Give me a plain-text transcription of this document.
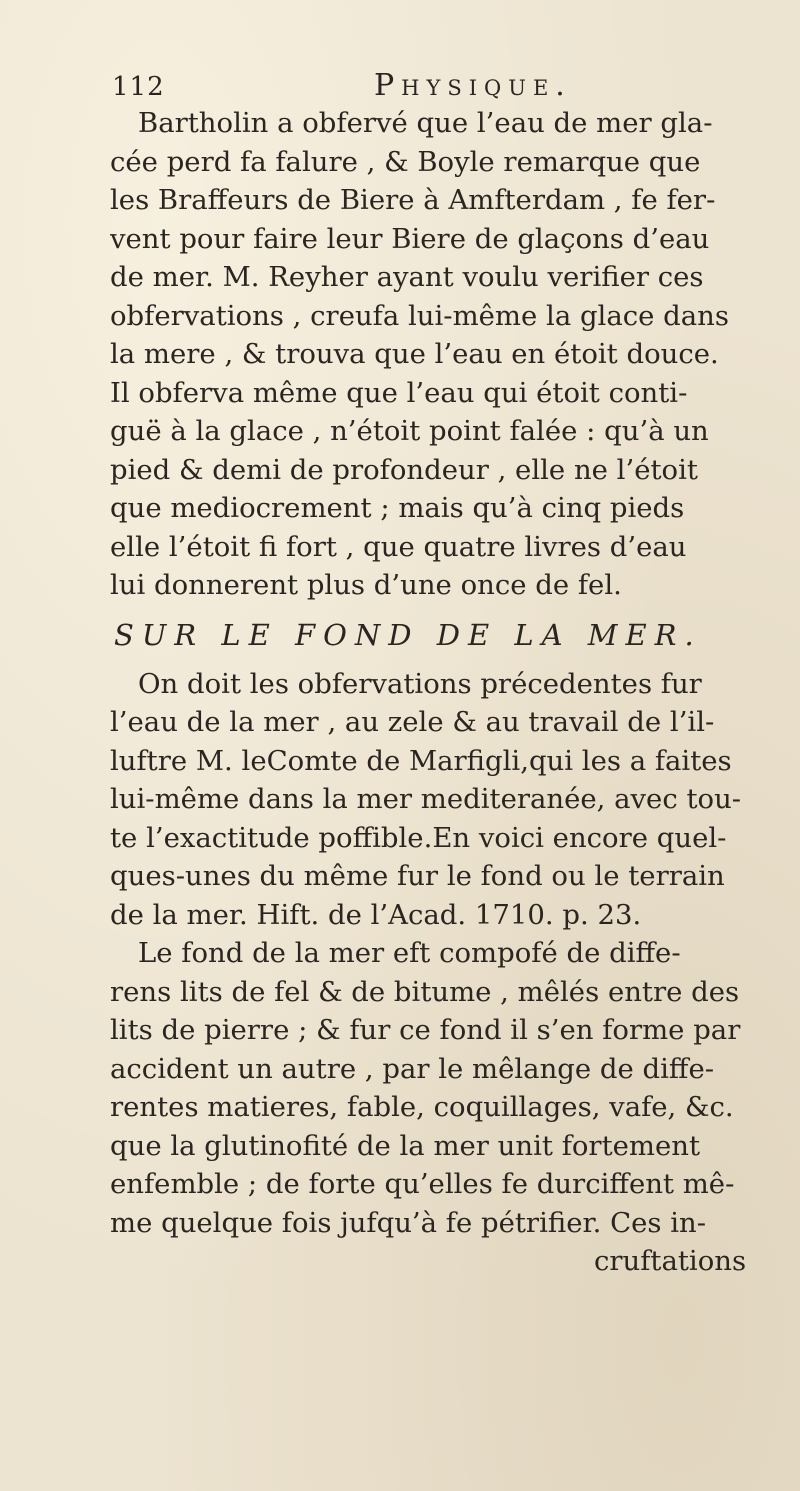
112	Physique.
Bartholin a obfervé que l’eau de mer gla-
cée perd fa falure , & Boyle remarque que
les Braffeurs de Biere à Amfterdam , fe fer-
vent pour faire leur Biere de glaçons d’eau
de mer. M. Reyher ayant voulu verifier ces
obfervations , creufa lui-même la glace dans
la mere , & trouva que l’eau en étoit douce.
Il obferva même que l’eau qui étoit conti-
guë à la glace , n’étoit point falée : qu’à un
pied & demi de profondeur , elle ne l’étoit
que mediocrement ; mais qu’à cinq pieds
elle l’étoit fi fort , que quatre livres d’eau
lui donnerent plus d’une once de fel.
SUR LE FOND DE LA MER.
On doit les obfervations précedentes fur
l’eau de la mer , au zele & au travail de l’il-
luftre M. leComte de Marfigli,qui les a faites
lui-même dans la mer mediteranée, avec tou-
te l’exactitude poffible.En voici encore quel-
ques-unes du même fur le fond ou le terrain
de la mer. Hift. de l’Acad. 1710. p. 23.
Le fond de la mer eft compofé de diffe-
rens lits de fel & de bitume , mêlés entre des
lits de pierre ; & fur ce fond il s’en forme par
accident un autre , par le mêlange de diffe-
rentes matieres, fable, coquillages, vafe, &c.
que la glutinofité de la mer unit fortement
enfemble ; de forte qu’elles fe durciffent mê-
me quelque fois jufqu’à fe pétrifier. Ces in-
cruftations
